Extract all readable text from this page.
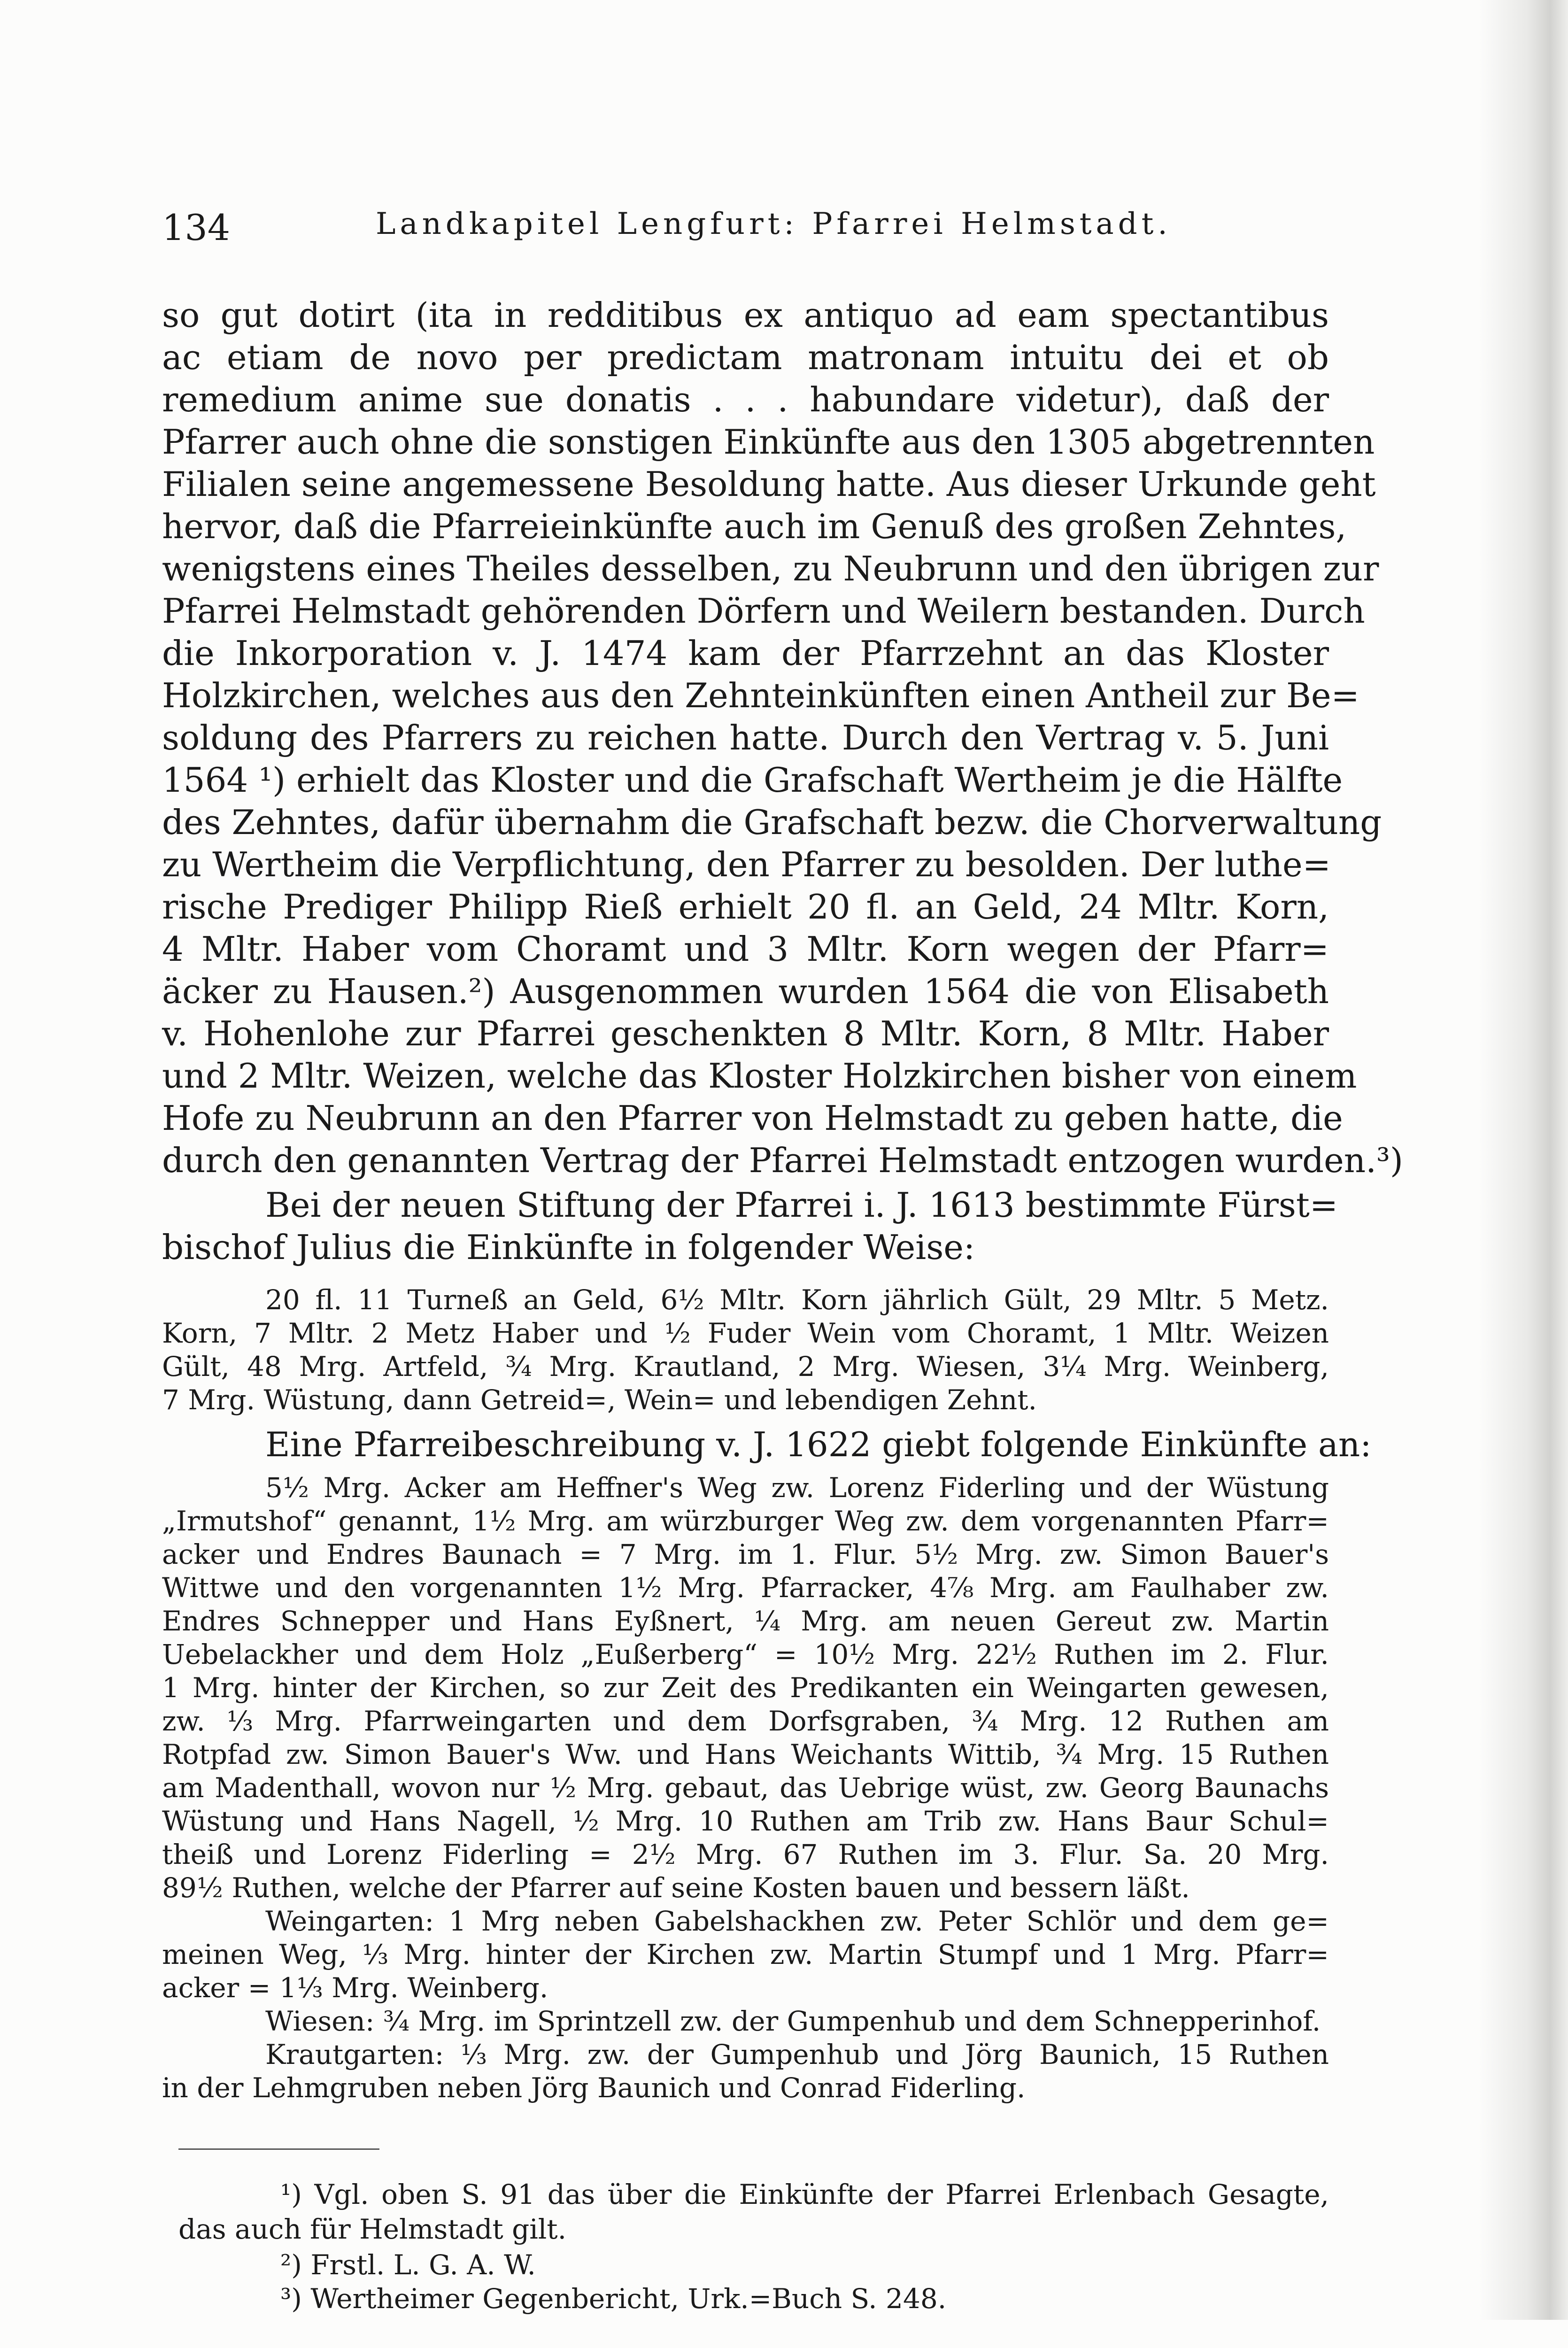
134	Landkapitel Lengfurt: Pfarrei Helmstadt.
so gut dotirt (ita in redditibus ex antiquo ad eam spectantibus
ac etiam de novo per predictam matronam intuitu dei et ob
remedium anime sue donatis . . . habundare videtur), daß der
Pfarrer auch ohne die sonstigen Einkünfte aus den 1305 abgetrennten
Filialen seine angemessene Besoldung hatte. Aus dieser Urkunde geht
hervor, daß die Pfarreieinkünfte auch im Genuß des großen Zehntes,
wenigstens eines Theiles desselben, zu Neubrunn und den übrigen zur
Pfarrei Helmstadt gehörenden Dörfern und Weilern bestanden. Durch
die Inkorporation v. J. 1474 kam der Pfarrzehnt an das Kloster
Holzkirchen, welches aus den Zehnteinkünften einen Antheil zur Be=
soldung des Pfarrers zu reichen hatte. Durch den Vertrag v. 5. Juni
1564 ¹) erhielt das Kloster und die Grafschaft Wertheim je die Hälfte
des Zehntes, dafür übernahm die Grafschaft bezw. die Chorverwaltung
zu Wertheim die Verpflichtung, den Pfarrer zu besolden. Der luthe=
rische Prediger Philipp Rieß erhielt 20 fl. an Geld, 24 Mltr. Korn,
4 Mltr. Haber vom Choramt und 3 Mltr. Korn wegen der Pfarr=
äcker zu Hausen.²) Ausgenommen wurden 1564 die von Elisabeth
v. Hohenlohe zur Pfarrei geschenkten 8 Mltr. Korn, 8 Mltr. Haber
und 2 Mltr. Weizen, welche das Kloster Holzkirchen bisher von einem
Hofe zu Neubrunn an den Pfarrer von Helmstadt zu geben hatte, die
durch den genannten Vertrag der Pfarrei Helmstadt entzogen wurden.³)
Bei der neuen Stiftung der Pfarrei i. J. 1613 bestimmte Fürst=
bischof Julius die Einkünfte in folgender Weise:
20 fl. 11 Turneß an Geld, 6½ Mltr. Korn jährlich Gült, 29 Mltr. 5 Metz.
Korn, 7 Mltr. 2 Metz Haber und ½ Fuder Wein vom Choramt, 1 Mltr. Weizen
Gült, 48 Mrg. Artfeld, ¾ Mrg. Krautland, 2 Mrg. Wiesen, 3¼ Mrg. Weinberg,
7 Mrg. Wüstung, dann Getreid=, Wein= und lebendigen Zehnt.
Eine Pfarreibeschreibung v. J. 1622 giebt folgende Einkünfte an:
5½ Mrg. Acker am Heffner's Weg zw. Lorenz Fiderling und der Wüstung
„Irmutshof“ genannt, 1½ Mrg. am würzburger Weg zw. dem vorgenannten Pfarr=
acker und Endres Baunach = 7 Mrg. im 1. Flur. 5½ Mrg. zw. Simon Bauer's
Wittwe und den vorgenannten 1½ Mrg. Pfarracker, 4⅞ Mrg. am Faulhaber zw.
Endres Schnepper und Hans Eyßnert, ¼ Mrg. am neuen Gereut zw. Martin
Uebelackher und dem Holz „Eußerberg“ = 10½ Mrg. 22½ Ruthen im 2. Flur.
1 Mrg. hinter der Kirchen, so zur Zeit des Predikanten ein Weingarten gewesen,
zw. ⅓ Mrg. Pfarrweingarten und dem Dorfsgraben, ¾ Mrg. 12 Ruthen am
Rotpfad zw. Simon Bauer's Ww. und Hans Weichants Wittib, ¾ Mrg. 15 Ruthen
am Madenthall, wovon nur ½ Mrg. gebaut, das Uebrige wüst, zw. Georg Baunachs
Wüstung und Hans Nagell, ½ Mrg. 10 Ruthen am Trib zw. Hans Baur Schul=
theiß und Lorenz Fiderling = 2½ Mrg. 67 Ruthen im 3. Flur. Sa. 20 Mrg.
89½ Ruthen, welche der Pfarrer auf seine Kosten bauen und bessern läßt.
Weingarten: 1 Mrg neben Gabelshackhen zw. Peter Schlör und dem ge=
meinen Weg, ⅓ Mrg. hinter der Kirchen zw. Martin Stumpf und 1 Mrg. Pfarr=
acker = 1⅓ Mrg. Weinberg.
Wiesen: ¾ Mrg. im Sprintzell zw. der Gumpenhub und dem Schnepperinhof.
Krautgarten: ⅓ Mrg. zw. der Gumpenhub und Jörg Baunich, 15 Ruthen
in der Lehmgruben neben Jörg Baunich und Conrad Fiderling.
¹) Vgl. oben S. 91 das über die Einkünfte der Pfarrei Erlenbach Gesagte,
das auch für Helmstadt gilt.
²) Frstl. L. G. A. W.
³) Wertheimer Gegenbericht, Urk.=Buch S. 248.
